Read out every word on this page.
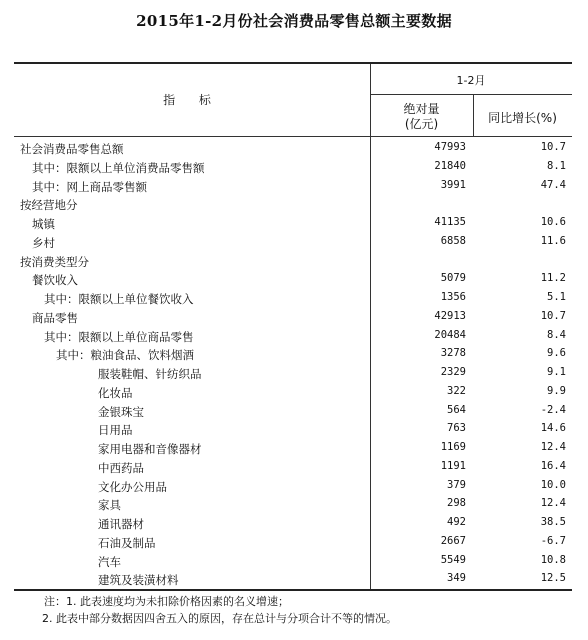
2015年1-2月份社会消费品零售总额主要数据
指 标
1-2月
绝对量
(亿元)	同比增长(%)
社会消费品零售总额	47993	10.7
其中：限额以上单位消费品零售额	21840	8.1
其中：网上商品零售额	3991	47.4
按经营地分
城镇	41135	10.6
乡村	6858	11.6
按消费类型分
餐饮收入	5079	11.2
其中：限额以上单位餐饮收入	1356	5.1
商品零售	42913	10.7
其中：限额以上单位商品零售	20484	8.4
其中：粮油食品、饮料烟酒	3278	9.6
服装鞋帽、针纺织品	2329	9.1
化妆品	322	9.9
金银珠宝	564	-2.4
日用品	763	14.6
家用电器和音像器材	1169	12.4
中西药品	1191	16.4
文化办公用品	379	10.0
家具	298	12.4
通讯器材	492	38.5
石油及制品	2667	-6.7
汽车	5549	10.8
建筑及装潢材料	349	12.5
注：1. 此表速度均为未扣除价格因素的名义增速；
2. 此表中部分数据因四舍五入的原因，存在总计与分项合计不等的情况。
